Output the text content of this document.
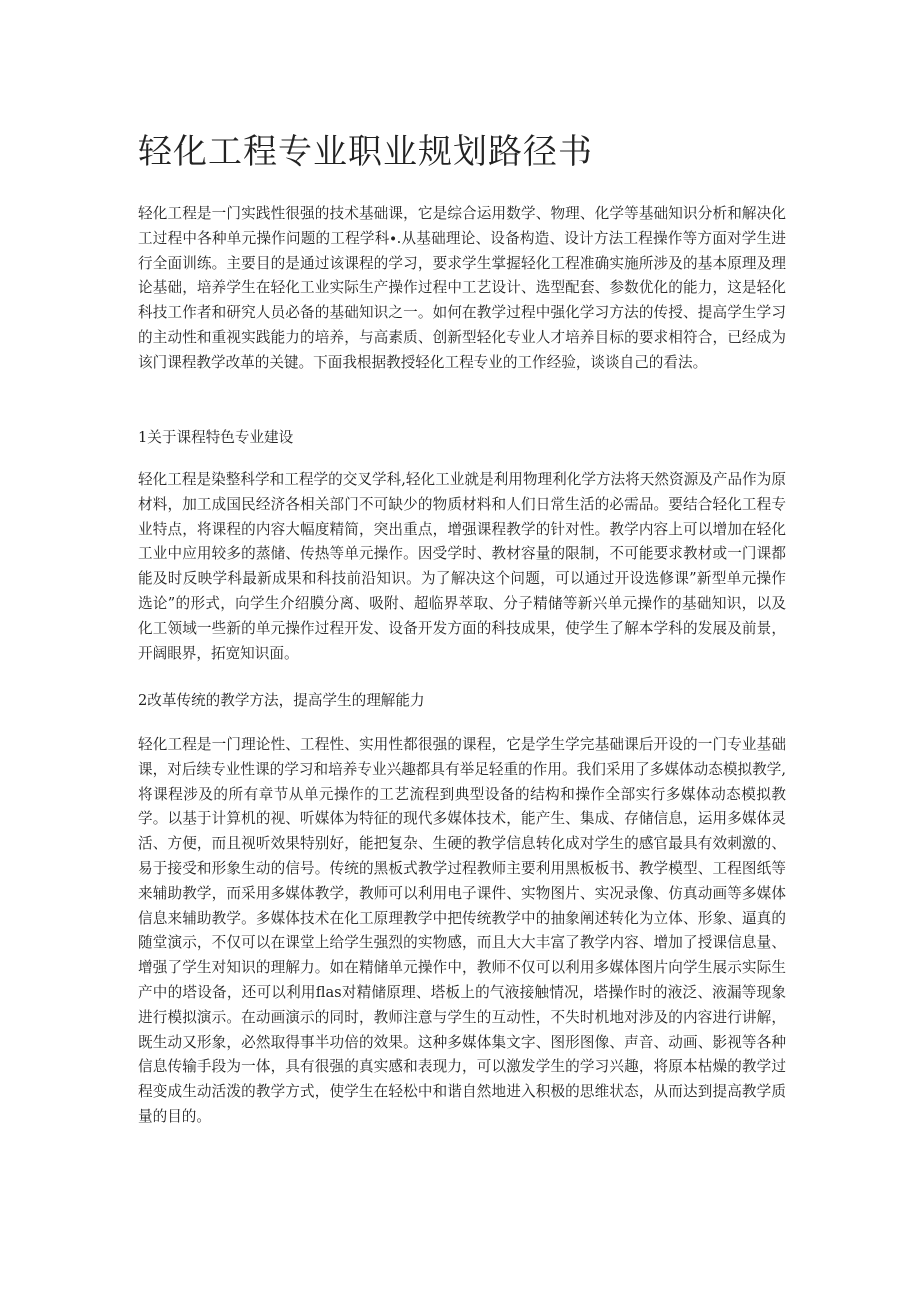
轻化工程专业职业规划路径书

轻化工程是一门实践性很强的技术基础课，它是综合运用数学、物理、化学等基础知识分析和解决化工过程中各种单元操作问题的工程学科∙.从基础理论、设备构造、设计方法工程操作等方面对学生进行全面训练。主要目的是通过该课程的学习，要求学生掌握轻化工程准确实施所涉及的基本原理及理论基础，培养学生在轻化工业实际生产操作过程中工艺设计、选型配套、参数优化的能力，这是轻化科技工作者和研究人员必备的基础知识之一。如何在教学过程中强化学习方法的传授、提高学生学习的主动性和重视实践能力的培养，与高素质、创新型轻化专业人才培养目标的要求相符合，已经成为该门课程教学改革的关键。下面我根据教授轻化工程专业的工作经验，谈谈自己的看法。

1关于课程特色专业建设

轻化工程是染整科学和工程学的交叉学科,轻化工业就是利用物理利化学方法将天然资源及产品作为原材料，加工成国民经济各相关部门不可缺少的物质材料和人们日常生活的必需品。要结合轻化工程专业特点，将课程的内容大幅度精简，突出重点，增强课程教学的针对性。教学内容上可以增加在轻化工业中应用较多的蒸储、传热等单元操作。因受学时、教材容量的限制，不可能要求教材或一门课都能及时反映学科最新成果和科技前沿知识。为了解决这个问题，可以通过开设选修课”新型单元操作选论”的形式，向学生介绍膜分离、吸附、超临界萃取、分子精储等新兴单元操作的基础知识，以及化工领域一些新的单元操作过程开发、设备开发方面的科技成果，使学生了解本学科的发展及前景，开阔眼界，拓宽知识面。

2改革传统的教学方法，提高学生的理解能力

轻化工程是一门理论性、工程性、实用性都很强的课程，它是学生学完基础课后开设的一门专业基础课，对后续专业性课的学习和培养专业兴趣都具有举足轻重的作用。我们采用了多媒体动态模拟教学,将课程涉及的所有章节从单元操作的工艺流程到典型设备的结构和操作全部实行多媒体动态模拟教学。以基于计算机的视、听媒体为特征的现代多媒体技术，能产生、集成、存储信息，运用多媒体灵活、方便，而且视听效果特别好，能把复杂、生硬的教学信息转化成对学生的感官最具有效刺激的、易于接受和形象生动的信号。传统的黑板式教学过程教师主要利用黑板板书、教学模型、工程图纸等来辅助教学，而采用多媒体教学，教师可以利用电子课件、实物图片、实况录像、仿真动画等多媒体信息来辅助教学。多媒体技术在化工原理教学中把传统教学中的抽象阐述转化为立体、形象、逼真的随堂演示，不仅可以在课堂上给学生强烈的实物感，而且大大丰富了教学内容、增加了授课信息量、增强了学生对知识的理解力。如在精储单元操作中，教师不仅可以利用多媒体图片向学生展示实际生产中的塔设备，还可以利用flas对精储原理、塔板上的气液接触情况，塔操作时的液泛、液漏等现象进行模拟演示。在动画演示的同时，教师注意与学生的互动性，不失时机地对涉及的内容进行讲解，既生动又形象，必然取得事半功倍的效果。这种多媒体集文字、图形图像、声音、动画、影视等各种信息传输手段为一体，具有很强的真实感和表现力，可以激发学生的学习兴趣，将原本枯燥的教学过程变成生动活泼的教学方式，使学生在轻松中和谐自然地进入积极的思维状态，从而达到提高教学质量的目的。
